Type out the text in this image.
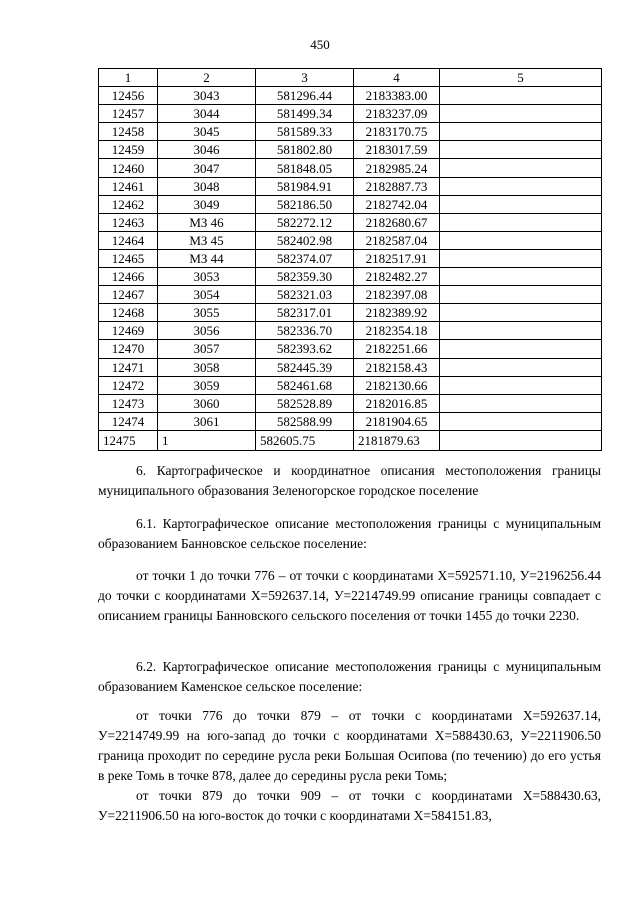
450
1	2	3	4	5
12456	3043	581296.44	2183383.00	
12457	3044	581499.34	2183237.09	
12458	3045	581589.33	2183170.75	
12459	3046	581802.80	2183017.59	
12460	3047	581848.05	2182985.24	
12461	3048	581984.91	2182887.73	
12462	3049	582186.50	2182742.04	
12463	МЗ 46	582272.12	2182680.67	
12464	МЗ 45	582402.98	2182587.04	
12465	МЗ 44	582374.07	2182517.91	
12466	3053	582359.30	2182482.27	
12467	3054	582321.03	2182397.08	
12468	3055	582317.01	2182389.92	
12469	3056	582336.70	2182354.18	
12470	3057	582393.62	2182251.66	
12471	3058	582445.39	2182158.43	
12472	3059	582461.68	2182130.66	
12473	3060	582528.89	2182016.85	
12474	3061	582588.99	2181904.65	
12475	1	582605.75	2181879.63	

6. Картографическое и координатное описания местоположения границы муниципального образования Зеленогорское городское поселение

6.1. Картографическое описание местоположения границы с муниципальным образованием Банновское сельское поселение:

от точки 1 до точки 776 – от точки с координатами Х=592571.10, У=2196256.44 до точки с координатами Х=592637.14, У=2214749.99 описание границы совпадает с описанием границы Банновского сельского поселения от точки 1455 до точки 2230.

6.2. Картографическое описание местоположения границы с муниципальным образованием Каменское сельское поселение:

от точки 776 до точки 879 – от точки с координатами Х=592637.14, У=2214749.99 на юго-запад до точки с координатами Х=588430.63, У=2211906.50 граница проходит по середине русла реки Большая Осипова (по течению) до его устья в реке Томь в точке 878, далее до середины русла реки Томь;

от точки 879 до точки 909 – от точки с координатами Х=588430.63, У=2211906.50 на юго-восток до точки с координатами Х=584151.83,
